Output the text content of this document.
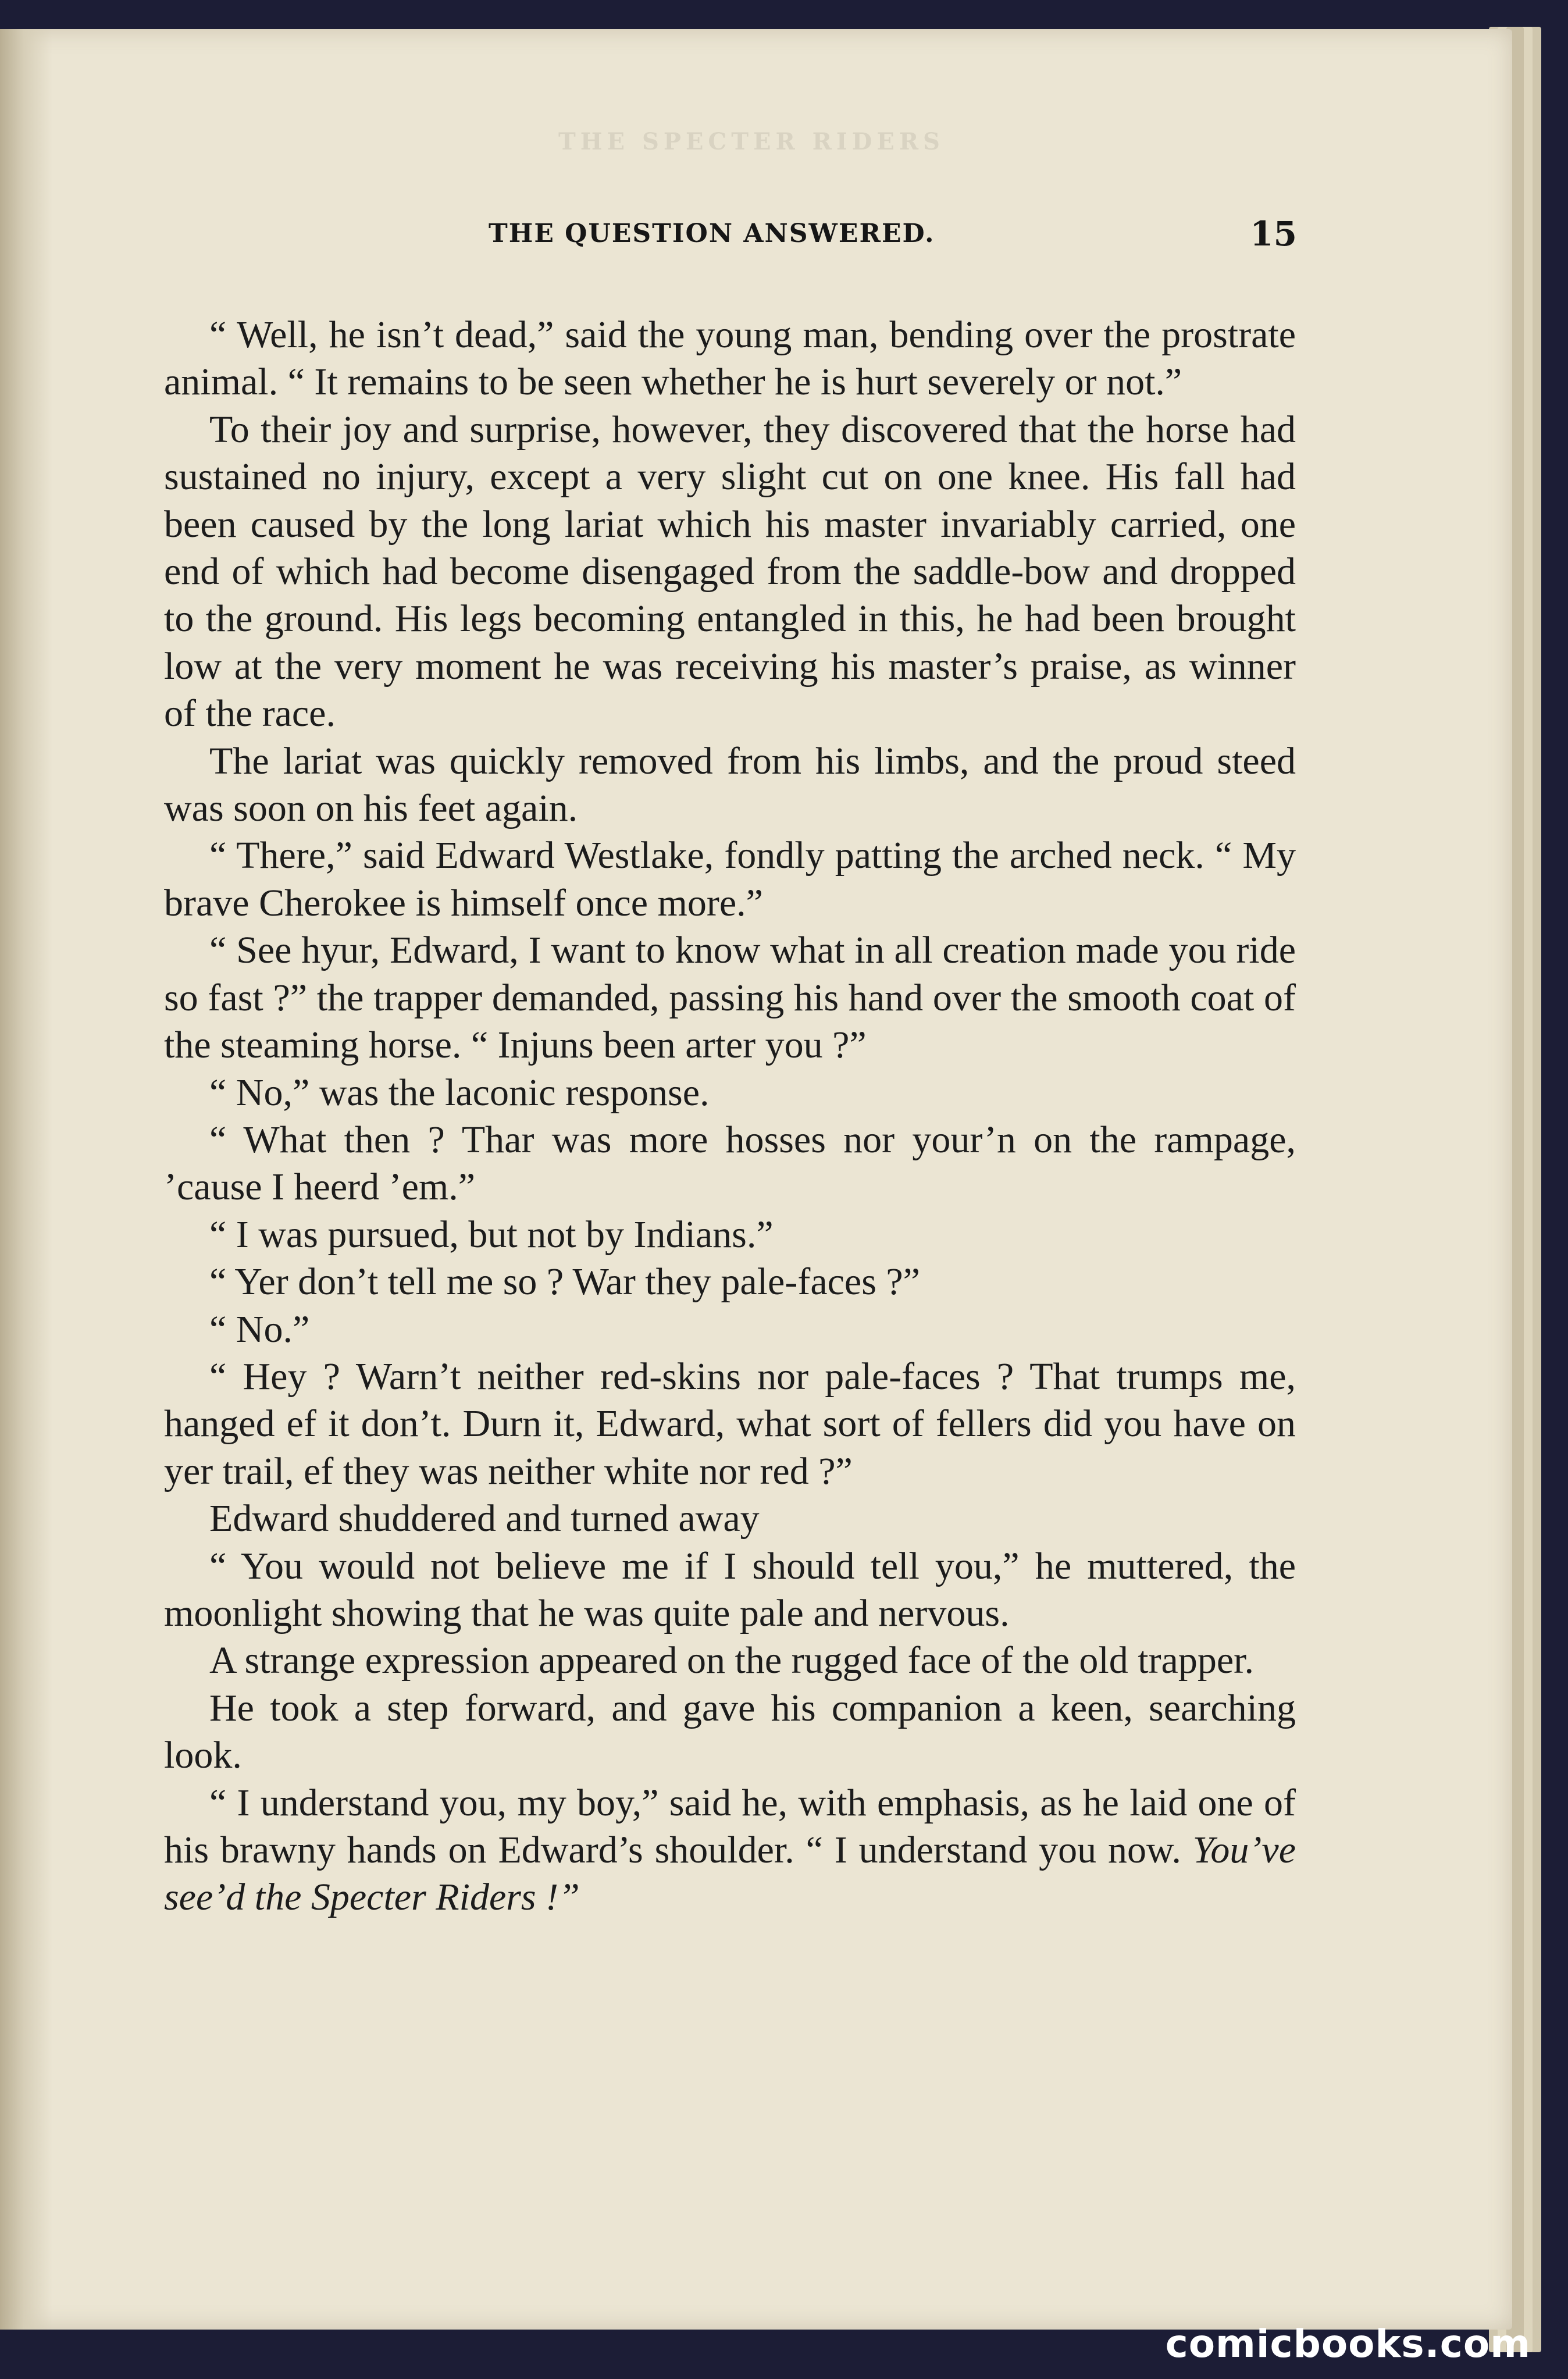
THE SPECTER RIDERS
THE QUESTION ANSWERED.	15

“ Well, he isn’t dead,” said the young man, bending over the prostrate animal. “ It remains to be seen whether he is hurt severely or not.”

To their joy and surprise, however, they discovered that the horse had sustained no injury, except a very slight cut on one knee. His fall had been caused by the long lariat which his master invariably carried, one end of which had become disengaged from the saddle-bow and dropped to the ground. His legs becoming entangled in this, he had been brought low at the very moment he was receiving his master’s praise, as winner of the race.

The lariat was quickly removed from his limbs, and the proud steed was soon on his feet again.

“ There,” said Edward Westlake, fondly patting the arched neck. “ My brave Cherokee is himself once more.”

“ See hyur, Edward, I want to know what in all creation made you ride so fast ?” the trapper demanded, passing his hand over the smooth coat of the steaming horse. “ Injuns been arter you ?”

“ No,” was the laconic response.

“ What then ? Thar was more hosses nor your’n on the rampage, ’cause I heerd ’em.”

“ I was pursued, but not by Indians.”

“ Yer don’t tell me so ? War they pale-faces ?”

“ No.”

“ Hey ? Warn’t neither red-skins nor pale-faces ? That trumps me, hanged ef it don’t. Durn it, Edward, what sort of fellers did you have on yer trail, ef they was neither white nor red ?”

Edward shuddered and turned away

“ You would not believe me if I should tell you,” he muttered, the moonlight showing that he was quite pale and nervous.

A strange expression appeared on the rugged face of the old trapper.

He took a step forward, and gave his companion a keen, searching look.

“ I understand you, my boy,” said he, with emphasis, as he laid one of his brawny hands on Edward’s shoulder. “ I understand you now. You’ve see’d the Specter Riders !”

comicbooks.com
